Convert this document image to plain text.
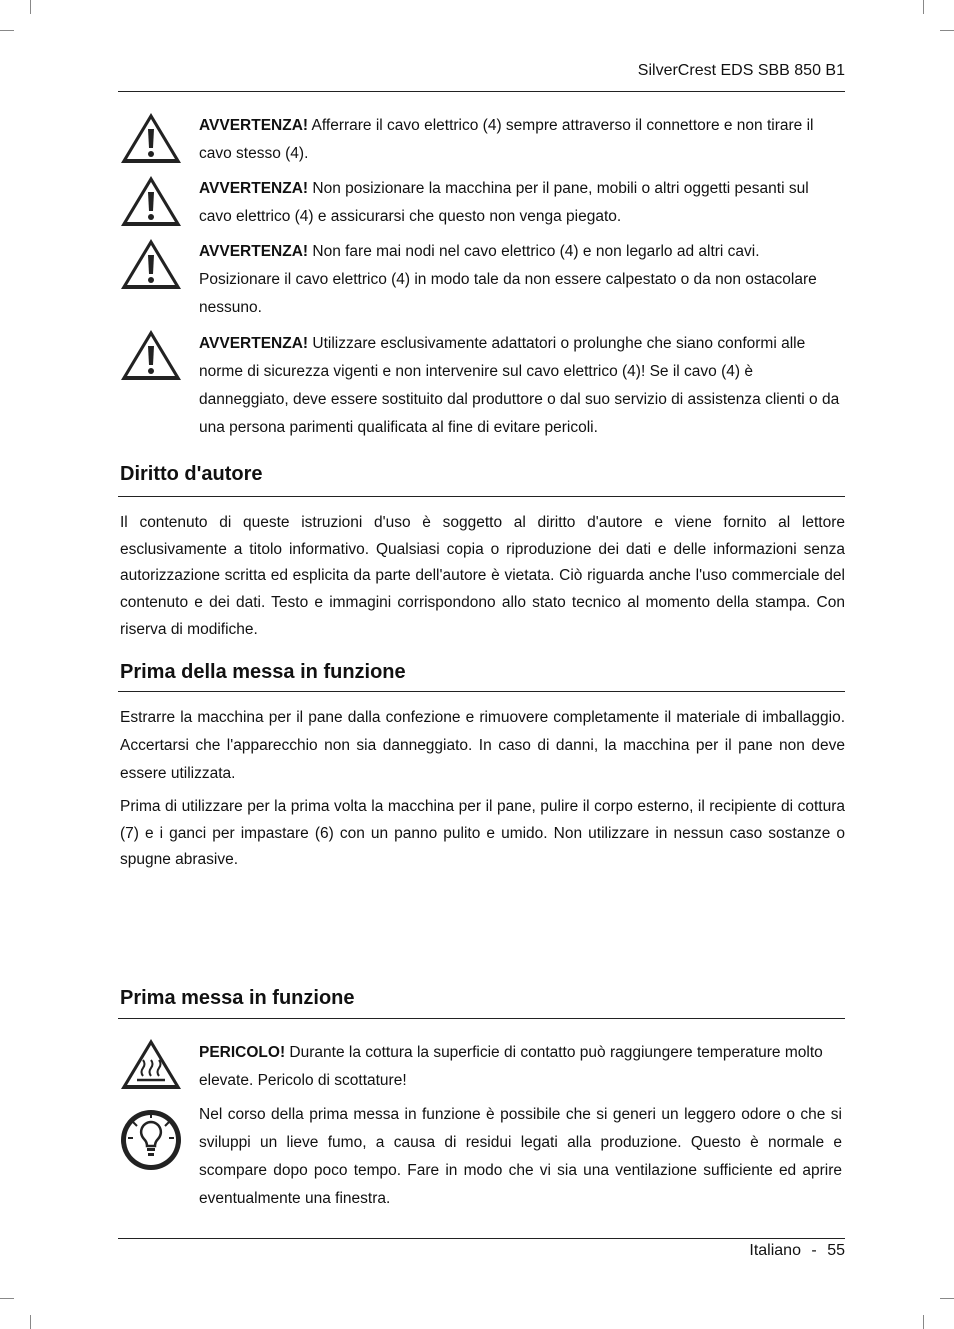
SilverCrest EDS SBB 850 B1
AVVERTENZA! Afferrare il cavo elettrico (4) sempre attraverso il connettore e non tirare il cavo stesso (4).
AVVERTENZA! Non posizionare la macchina per il pane, mobili o altri oggetti pesanti sul cavo elettrico (4) e assicurarsi che questo non venga piegato.
AVVERTENZA! Non fare mai nodi nel cavo elettrico (4) e non legarlo ad altri cavi. Posizionare il cavo elettrico (4) in modo tale da non essere calpestato o da non ostacolare nessuno.
AVVERTENZA! Utilizzare esclusivamente adattatori o prolunghe che siano conformi alle norme di sicurezza vigenti e non intervenire sul cavo elettrico (4)! Se il cavo (4) è danneggiato, deve essere sostituito dal produttore o dal suo servizio di assistenza clienti o da una persona parimenti qualificata al fine di evitare pericoli.
Diritto d'autore
Il contenuto di queste istruzioni d'uso è soggetto al diritto d'autore e viene fornito al lettore esclusivamente a titolo informativo. Qualsiasi copia o riproduzione dei dati e delle informazioni senza autorizzazione scritta ed esplicita da parte dell'autore è vietata. Ciò riguarda anche l'uso commerciale del contenuto e dei dati. Testo e immagini corrispondono allo stato tecnico al momento della stampa. Con riserva di modifiche.
Prima della messa in funzione
Estrarre la macchina per il pane dalla confezione e rimuovere completamente il materiale di imballaggio. Accertarsi che l'apparecchio non sia danneggiato. In caso di danni, la macchina per il pane non deve essere utilizzata.
Prima di utilizzare per la prima volta la macchina per il pane, pulire il corpo esterno, il recipiente di cottura (7) e i ganci per impastare (6) con un panno pulito e umido. Non utilizzare in nessun caso sostanze o spugne abrasive.
Prima messa in funzione
PERICOLO! Durante la cottura la superficie di contatto può raggiungere temperature molto elevate. Pericolo di scottature!
Nel corso della prima messa in funzione è possibile che si generi un leggero odore o che si sviluppi un lieve fumo, a causa di residui legati alla produzione. Questo è normale e scompare dopo poco tempo. Fare in modo che vi sia una ventilazione sufficiente ed aprire eventualmente una finestra.
Italiano - 55
